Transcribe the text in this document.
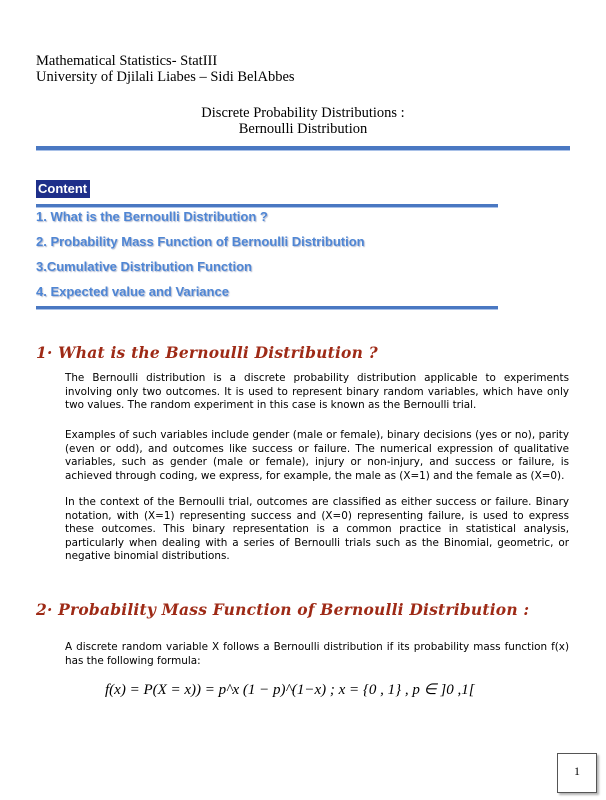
Mathematical Statistics- StatIII
University of Djilali Liabes – Sidi BelAbbes
Discrete Probability Distributions :
Bernoulli Distribution
Content
1. What is the Bernoulli Distribution ?
2. Probability Mass Function of Bernoulli Distribution
3.Cumulative Distribution Function
4. Expected value and Variance
1· What is the Bernoulli Distribution ?

The Bernoulli distribution is a discrete probability distribution applicable to experiments involving only two outcomes. It is used to represent binary random variables, which have only two values. The random experiment in this case is known as the Bernoulli trial.

Examples of such variables include gender (male or female), binary decisions (yes or no), parity (even or odd), and outcomes like success or failure. The numerical expression of qualitative variables, such as gender (male or female), injury or non-injury, and success or failure, is achieved through coding, we express, for example, the male as (X=1) and the female as (X=0).

In the context of the Bernoulli trial, outcomes are classified as either success or failure. Binary notation, with (X=1) representing success and (X=0) representing failure, is used to express these outcomes. This binary representation is a common practice in statistical analysis, particularly when dealing with a series of Bernoulli trials such as the Binomial, geometric, or negative binomial distributions.

2· Probability Mass Function of Bernoulli Distribution :

A discrete random variable X follows a Bernoulli distribution if its probability mass function f(x) has the following formula:

f(x) = P(X = x)) = p^x (1 − p)^(1−x) ; x = {0 , 1} , p ∈ ]0 ,1[
1
